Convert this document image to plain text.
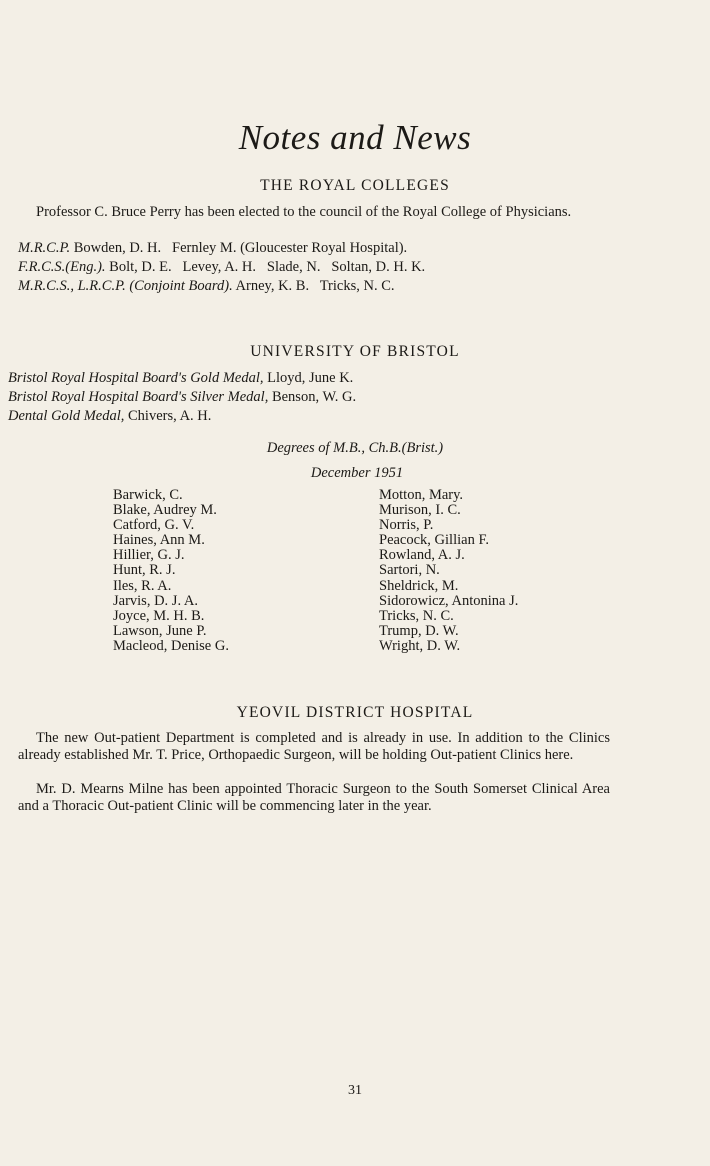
Notes and News
THE ROYAL COLLEGES
Professor C. Bruce Perry has been elected to the council of the Royal College of Physicians.
M.R.C.P. Bowden, D. H.   Fernley M. (Gloucester Royal Hospital).
F.R.C.S.(Eng.). Bolt, D. E.   Levey, A. H.   Slade, N.   Soltan, D. H. K.
M.R.C.S., L.R.C.P. (Conjoint Board). Arney, K. B.   Tricks, N. C.
UNIVERSITY OF BRISTOL
Bristol Royal Hospital Board's Gold Medal, Lloyd, June K.
Bristol Royal Hospital Board's Silver Medal, Benson, W. G.
Dental Gold Medal, Chivers, A. H.
Degrees of M.B., Ch.B.(Brist.)
December 1951
Barwick, C.
Blake, Audrey M.
Catford, G. V.
Haines, Ann M.
Hillier, G. J.
Hunt, R. J.
Iles, R. A.
Jarvis, D. J. A.
Joyce, M. H. B.
Lawson, June P.
Macleod, Denise G.
Motton, Mary.
Murison, I. C.
Norris, P.
Peacock, Gillian F.
Rowland, A. J.
Sartori, N.
Sheldrick, M.
Sidorowicz, Antonina J.
Tricks, N. C.
Trump, D. W.
Wright, D. W.
YEOVIL DISTRICT HOSPITAL
The new Out-patient Department is completed and is already in use. In addition to the Clinics already established Mr. T. Price, Orthopaedic Surgeon, will be holding Out-patient Clinics here.
Mr. D. Mearns Milne has been appointed Thoracic Surgeon to the South Somerset Clinical Area and a Thoracic Out-patient Clinic will be commencing later in the year.
31
